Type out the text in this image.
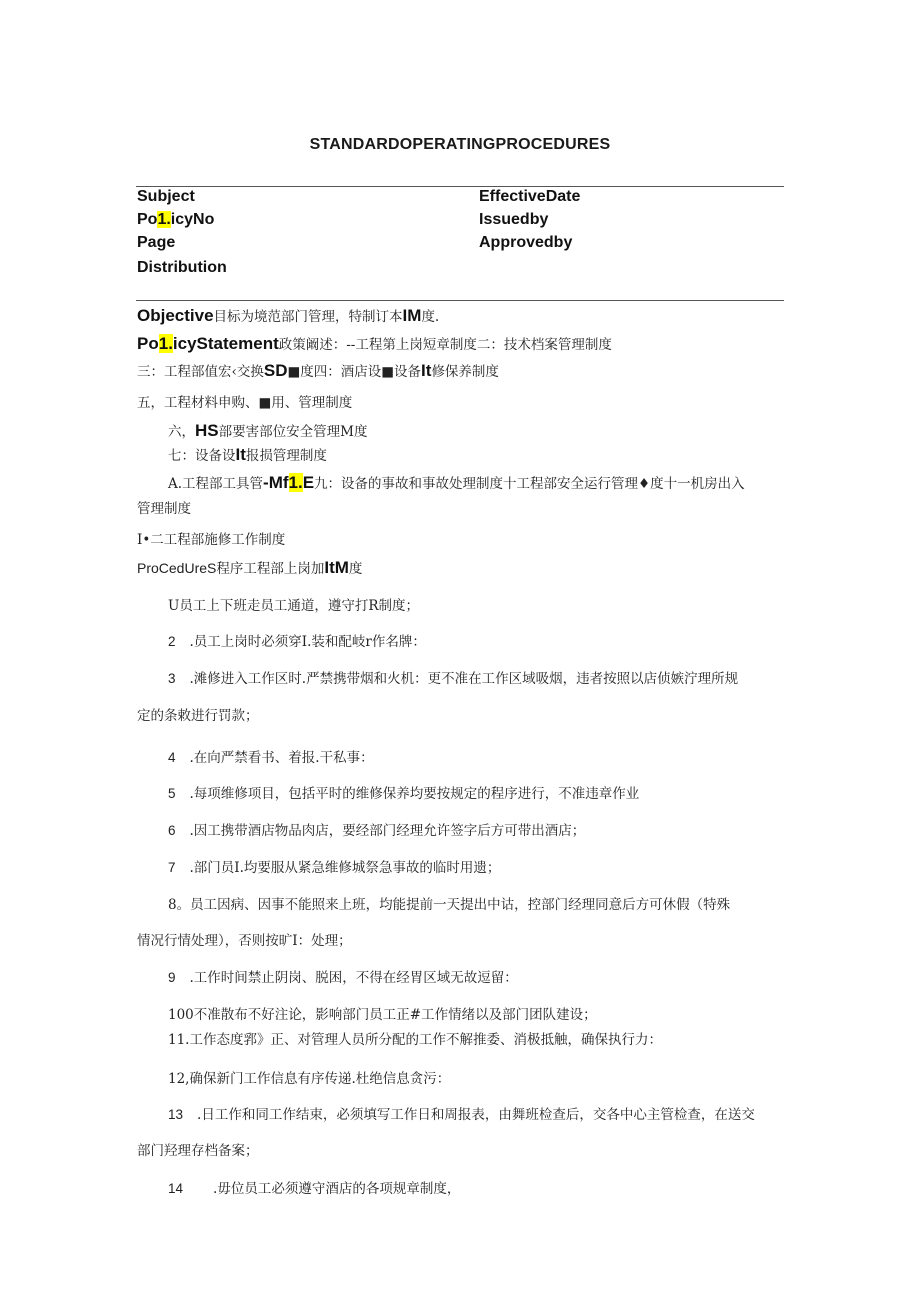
STANDARDOPERATINGPROCEDURES
Subject
Po1.icyNo
Page
Distribution
EffectiveDate
Issuedby
Approvedby
Objective目标为境范部门管理，特制订本IM度.
Po1.icyStatement政策阚述：--工程第上岗短章制度二：技术档案管理制度
三：工程部值宏‹交换SD■度四：酒店设■设备It修保养制度
五，工程材料申购、■用、管理制度
六，HS部要害部位安全管理M度
七：设备设It报损管理制度
A.工程部工具管-Mf1.E九：设备的事故和事故处理制度十工程部安全运行管理♦度十一机房出入
管理制度
I•二工程部施修工作制度
ProCedUreS程序工程部上岗加ItM度
U员工上下班走员工通道，遵守打R制度；
2 .员工上岗时必须穿I.装和配岐r作名牌：
3 .滩修进入工作区时.严禁携带烟和火机：更不准在工作区域吸烟，违者按照以店侦嫉泞理所规
定的条敕进行罚款；
4 .在向严禁看书、着报.干私事：
5 .每项维修项目，包括平时的维修保养均要按规定的程序进行，不准违章作业
6 .因工携带酒店物品肉店，要经部门经理允许签字后方可带出酒店；
7 .部门员I.均要服从紧急维修城祭急事故的临时用遗；
8。员工因病、因事不能照来上班，均能提前一天提出中诂，控部门经理同意后方可休假（特殊
情况行情处理），否则按旷I：处理；
9 .工作时间禁止阴岗、脱困，不得在经胃区域无故逗留：
100不准散布不好注论，影响部门员工正#工作情绪以及部门团队建设；
11.工作态度郛》正、对管理人员所分配的工作不解推委、消极抵触，确保执行力：
12,确保新门工作信息有序传递.杜绝信息贪污：
13 .日工作和同工作结束，必须填写工作日和周报表，由舞班检查后，交各中心主管检查，在送交
部门羟理存档备案；
14 .毋位员工必须遵守酒店的各项规章制度，
